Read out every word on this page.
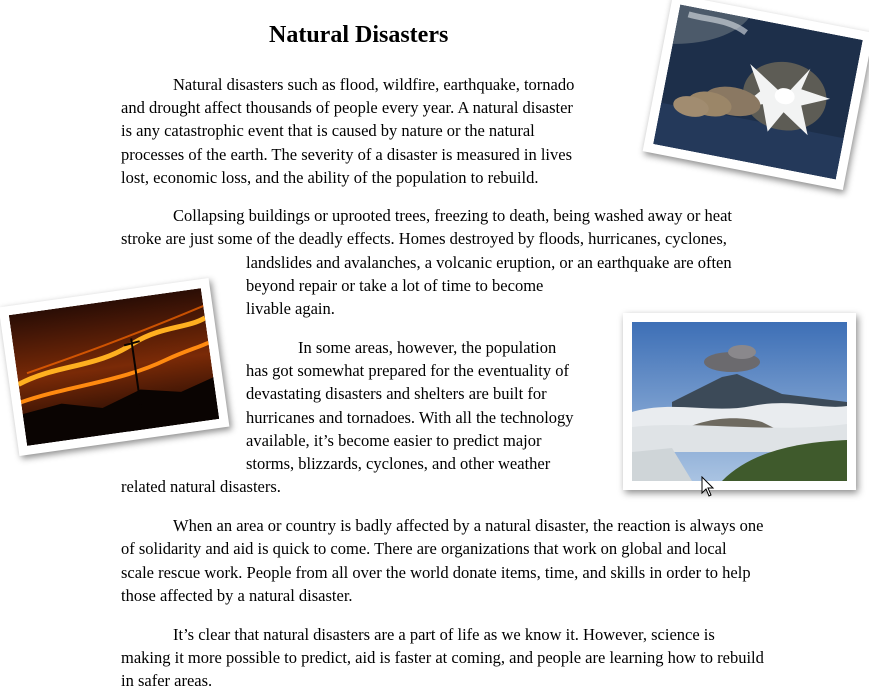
Natural Disasters
Natural disasters such as flood, wildfire, earthquake, tornado
and drought affect thousands of people every year. A natural disaster
is any catastrophic event that is caused by nature or the natural
processes of the earth. The severity of a disaster is measured in lives
lost, economic loss, and the ability of the population to rebuild.
Collapsing buildings or uprooted trees, freezing to death, being washed away or heat
stroke are just some of the deadly effects. Homes destroyed by floods, hurricanes, cyclones,
landslides and avalanches, a volcanic eruption, or an earthquake are often
beyond repair or take a lot of time to become
livable again.
In some areas, however, the population
has got somewhat prepared for the eventuality of
devastating disasters and shelters are built for
hurricanes and tornadoes. With all the technology
available, it’s become easier to predict major
storms, blizzards, cyclones, and other weather
related natural disasters.
When an area or country is badly affected by a natural disaster, the reaction is always one
of solidarity and aid is quick to come. There are organizations that work on global and local
scale rescue work. People from all over the world donate items, time, and skills in order to help
those affected by a natural disaster.
It’s clear that natural disasters are a part of life as we know it. However, science is
making it more possible to predict, aid is faster at coming, and people are learning how to rebuild
in safer areas.
